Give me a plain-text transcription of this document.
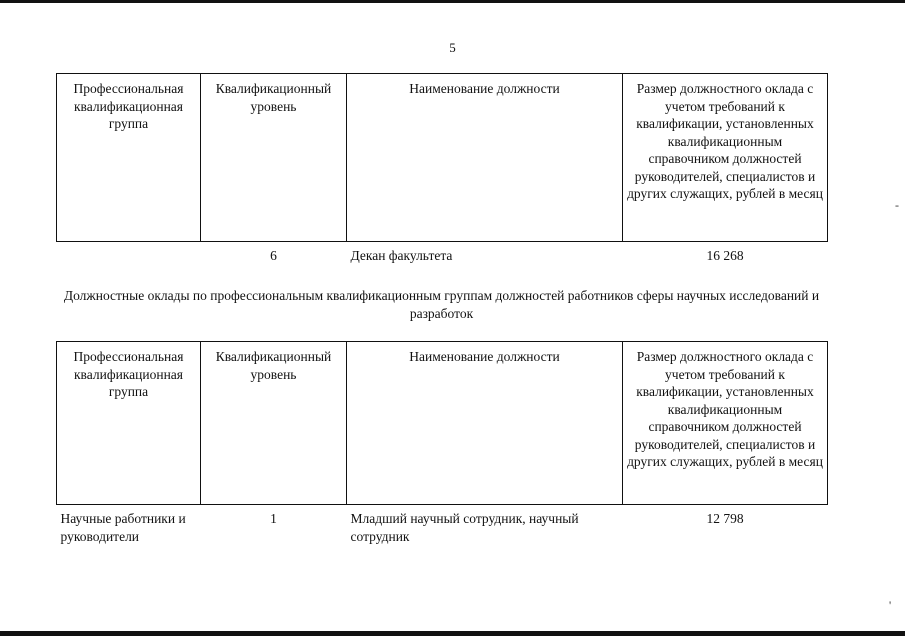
5
Профессиональная квалификационная группа	Квалификационный уровень	Наименование должности	Размер должностного оклада с учетом требований к квалификации, установленных квалификационным справочником должностей руководителей, специалистов и других служащих, рублей в месяц
	6	Декан факультета	16 268
Должностные оклады по профессиональным квалификационным группам должностей работников сферы научных исследований и разработок
Профессиональная квалификационная группа	Квалификационный уровень	Наименование должности	Размер должностного оклада с учетом требований к квалификации, установленных квалификационным справочником должностей руководителей, специалистов и других служащих, рублей в месяц
Научные работники и руководители	1	Младший научный сотрудник, научный сотрудник	12 798
-
'
